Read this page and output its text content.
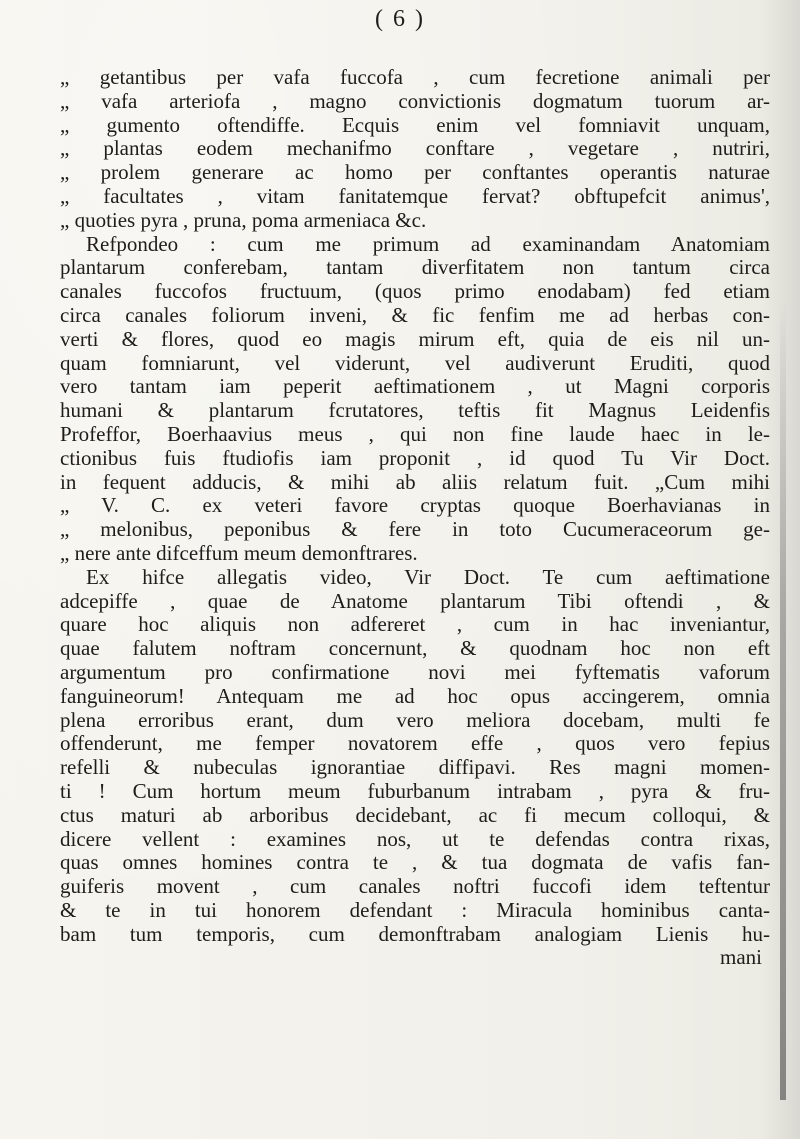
( 6 )
„ getantibus per vafa fuccofa , cum fecretione animali per
„ vafa arteriofa , magno convictionis dogmatum tuorum ar-
„ gumento oftendiffe. Ecquis enim vel fomniavit unquam,
„ plantas eodem mechanifmo conftare , vegetare , nutriri,
„ prolem generare ac homo per conftantes operantis naturae
„ facultates , vitam fanitatemque fervat? obftupefcit animus',
„ quoties pyra , pruna, poma armeniaca &c.
Refpondeo : cum me primum ad examinandam Anatomiam
plantarum conferebam, tantam diverfitatem non tantum circa
canales fuccofos fructuum, (quos primo enodabam) fed etiam
circa canales foliorum inveni, & fic fenfim me ad herbas con-
verti & flores, quod eo magis mirum eft, quia de eis nil un-
quam fomniarunt, vel viderunt, vel audiverunt Eruditi, quod
vero tantam iam peperit aeftimationem , ut Magni corporis
humani & plantarum fcrutatores, teftis fit Magnus Leidenfis
Profeffor, Boerhaavius meus , qui non fine laude haec in le-
ctionibus fuis ftudiofis iam proponit , id quod Tu Vir Doct.
in fequent adducis, & mihi ab aliis relatum fuit. „Cum mihi
„ V. C. ex veteri favore cryptas quoque Boerhavianas in
„ melonibus, peponibus & fere in toto Cucumeraceorum ge-
„ nere ante difceffum meum demonftrares.
Ex hifce allegatis video, Vir Doct. Te cum aeftimatione
adcepiffe , quae de Anatome plantarum Tibi oftendi , &
quare hoc aliquis non adfereret , cum in hac inveniantur,
quae falutem noftram concernunt, & quodnam hoc non eft
argumentum pro confirmatione novi mei fyftematis vaforum
fanguineorum! Antequam me ad hoc opus accingerem, omnia
plena erroribus erant, dum vero meliora docebam, multi fe
offenderunt, me femper novatorem effe , quos vero fepius
refelli & nubeculas ignorantiae diffipavi. Res magni momen-
ti ! Cum hortum meum fuburbanum intrabam , pyra & fru-
ctus maturi ab arboribus decidebant, ac fi mecum colloqui, &
dicere vellent : examines nos, ut te defendas contra rixas,
quas omnes homines contra te , & tua dogmata de vafis fan-
guiferis movent , cum canales noftri fuccofi idem teftentur
& te in tui honorem defendant : Miracula hominibus canta-
bam tum temporis, cum demonftrabam analogiam Lienis hu-
mani
